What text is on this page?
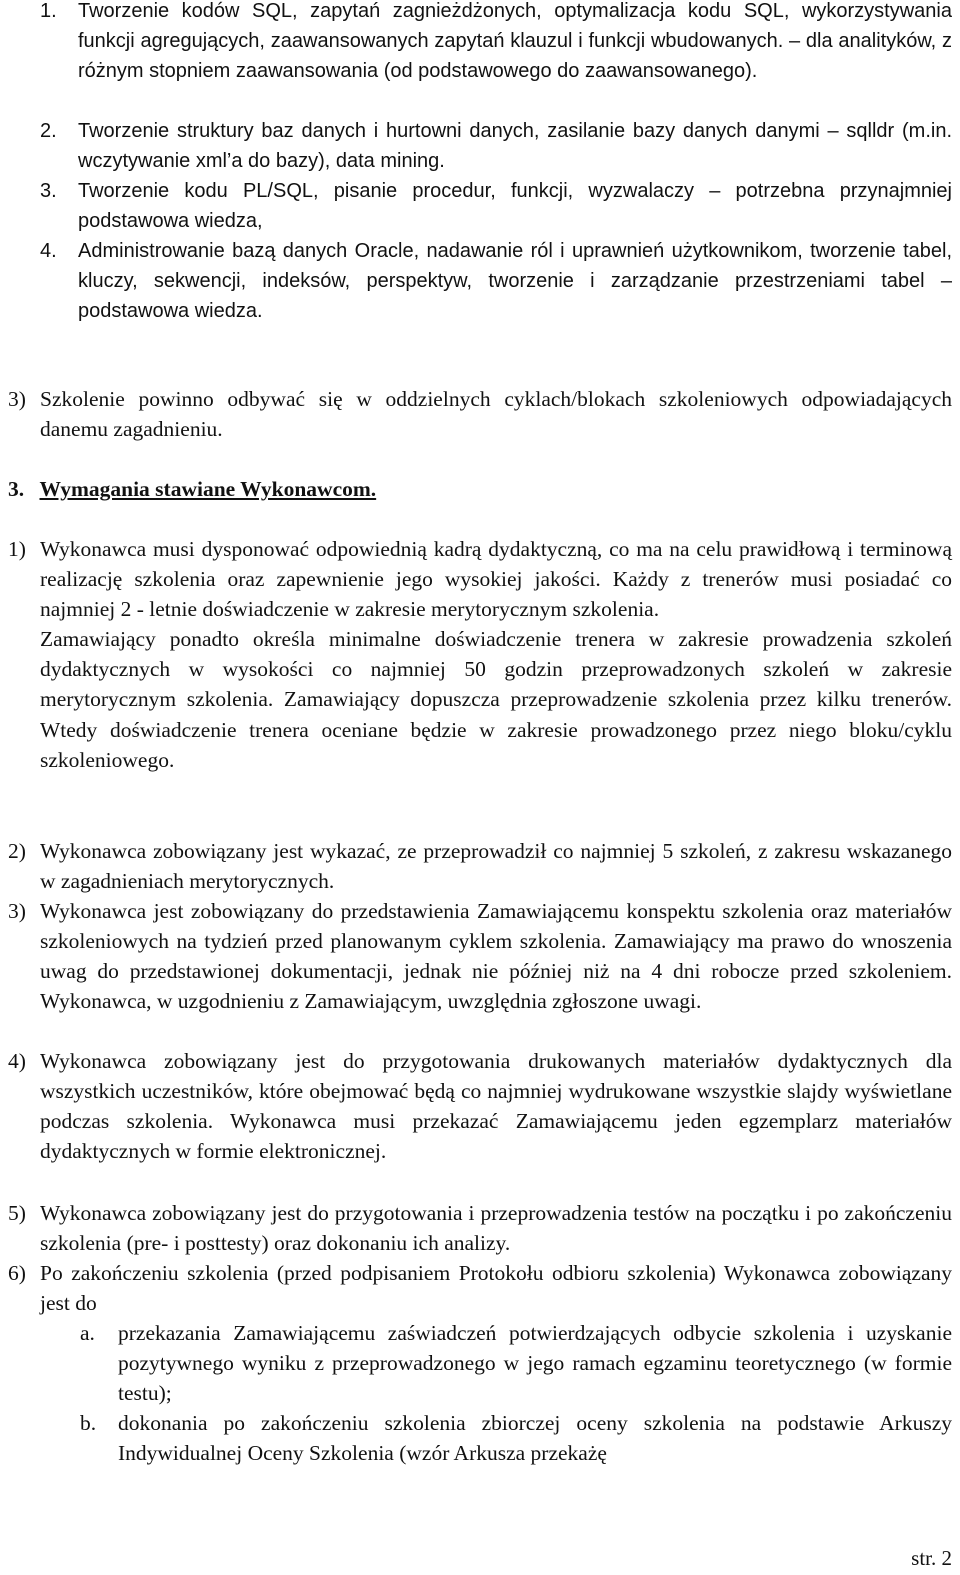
1.	Tworzenie kodów SQL, zapytań zagnieżdżonych, optymalizacja kodu SQL, wykorzystywania funkcji agregujących, zaawansowanych zapytań klauzul i funkcji wbudowanych. – dla analityków, z różnym stopniem zaawansowania (od podstawowego do zaawansowanego).
2.	Tworzenie struktury baz danych i hurtowni danych, zasilanie bazy danych danymi – sqlldr (m.in. wczytywanie xml’a do bazy), data mining.
3.	Tworzenie kodu PL/SQL, pisanie procedur, funkcji, wyzwalaczy – potrzebna przynajmniej podstawowa wiedza,
4.	Administrowanie bazą danych Oracle, nadawanie ról i uprawnień użytkownikom, tworzenie tabel, kluczy, sekwencji, indeksów, perspektyw, tworzenie i zarządzanie przestrzeniami tabel – podstawowa wiedza.
3) Szkolenie powinno odbywać się w oddzielnych cyklach/blokach szkoleniowych odpowiadających danemu zagadnieniu.
3. Wymagania stawiane Wykonawcom.
1) Wykonawca musi dysponować odpowiednią kadrą dydaktyczną, co ma na celu prawidłową i terminową realizację szkolenia oraz zapewnienie jego wysokiej jakości. Każdy z trenerów musi posiadać co najmniej 2 - letnie doświadczenie w zakresie merytorycznym szkolenia.

Zamawiający ponadto określa minimalne doświadczenie trenera w zakresie prowadzenia szkoleń dydaktycznych w wysokości co najmniej 50 godzin przeprowadzonych szkoleń w zakresie merytorycznym szkolenia. Zamawiający dopuszcza przeprowadzenie szkolenia przez kilku trenerów. Wtedy doświadczenie trenera oceniane będzie w zakresie prowadzonego przez niego bloku/cyklu szkoleniowego.

2) Wykonawca zobowiązany jest wykazać, ze przeprowadził co najmniej 5 szkoleń, z zakresu wskazanego w zagadnieniach merytorycznych.

3) Wykonawca jest zobowiązany do przedstawienia Zamawiającemu konspektu szkolenia oraz materiałów szkoleniowych na tydzień przed planowanym cyklem szkolenia. Zamawiający ma prawo do wnoszenia uwag do przedstawionej dokumentacji, jednak nie później niż na 4 dni robocze przed szkoleniem. Wykonawca, w uzgodnieniu z Zamawiającym, uwzględnia zgłoszone uwagi.

4) Wykonawca zobowiązany jest do przygotowania drukowanych materiałów dydaktycznych dla wszystkich uczestników, które obejmować będą co najmniej wydrukowane wszystkie slajdy wyświetlane podczas szkolenia. Wykonawca musi przekazać Zamawiającemu jeden egzemplarz materiałów dydaktycznych w formie elektronicznej.

5) Wykonawca zobowiązany jest do przygotowania i przeprowadzenia testów na początku i po zakończeniu szkolenia (pre- i posttesty) oraz dokonaniu ich analizy.

6) Po zakończeniu szkolenia (przed podpisaniem Protokołu odbioru szkolenia) Wykonawca zobowiązany jest do

a.	przekazania Zamawiającemu zaświadczeń potwierdzających odbycie szkolenia i uzyskanie pozytywnego wyniku z przeprowadzonego w jego ramach egzaminu teoretycznego (w formie testu);

b.	dokonania po zakończeniu szkolenia zbiorczej oceny szkolenia na podstawie Arkuszy Indywidualnej Oceny Szkolenia (wzór Arkusza przekażę

str. 2
